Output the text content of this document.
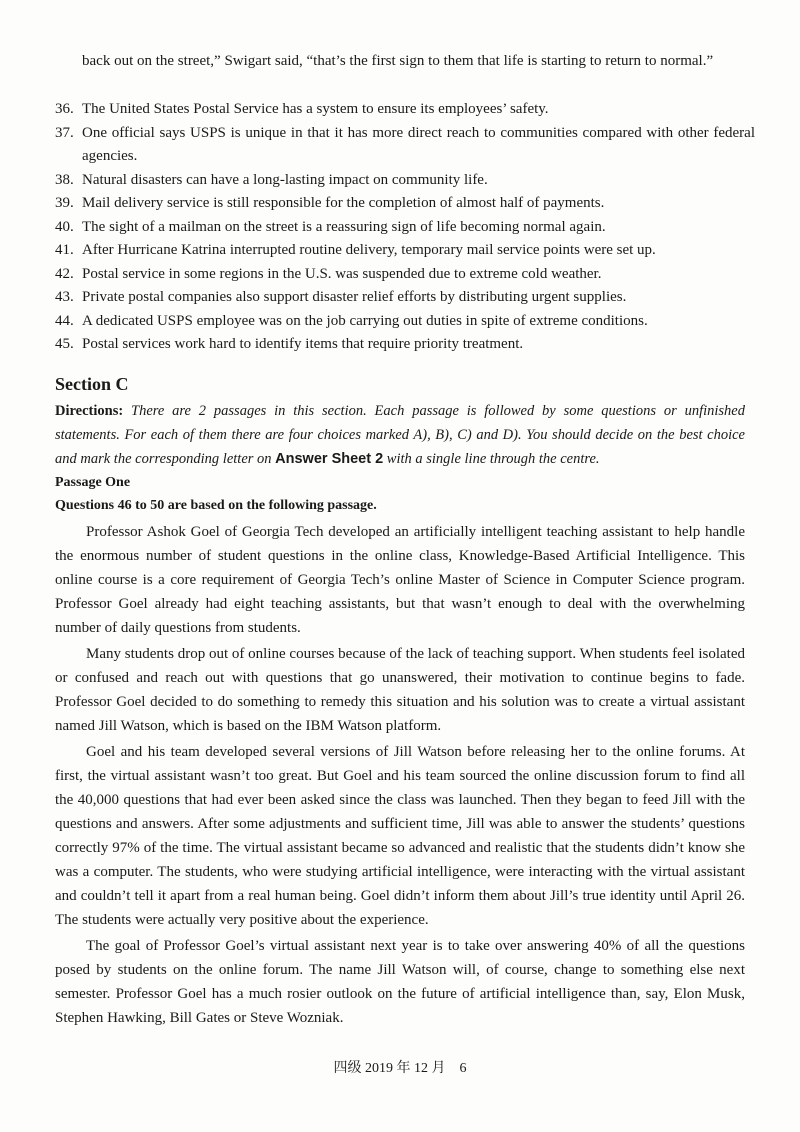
back out on the street,” Swigart said, “that’s the first sign to them that life is starting to return to normal.”

36. The United States Postal Service has a system to ensure its employees’ safety.
37. One official says USPS is unique in that it has more direct reach to communities compared with other federal agencies.
38. Natural disasters can have a long-lasting impact on community life.
39. Mail delivery service is still responsible for the completion of almost half of payments.
40. The sight of a mailman on the street is a reassuring sign of life becoming normal again.
41. After Hurricane Katrina interrupted routine delivery, temporary mail service points were set up.
42. Postal service in some regions in the U.S. was suspended due to extreme cold weather.
43. Private postal companies also support disaster relief efforts by distributing urgent supplies.
44. A dedicated USPS employee was on the job carrying out duties in spite of extreme conditions.
45. Postal services work hard to identify items that require priority treatment.
Section C
Directions: There are 2 passages in this section. Each passage is followed by some questions or unfinished statements. For each of them there are four choices marked A), B), C) and D). You should decide on the best choice and mark the corresponding letter on Answer Sheet 2 with a single line through the centre.
Passage One
Questions 46 to 50 are based on the following passage.

Professor Ashok Goel of Georgia Tech developed an artificially intelligent teaching assistant to help handle the enormous number of student questions in the online class, Knowledge-Based Artificial Intelligence. This online course is a core requirement of Georgia Tech’s online Master of Science in Computer Science program. Professor Goel already had eight teaching assistants, but that wasn’t enough to deal with the overwhelming number of daily questions from students.

Many students drop out of online courses because of the lack of teaching support. When students feel isolated or confused and reach out with questions that go unanswered, their motivation to continue begins to fade. Professor Goel decided to do something to remedy this situation and his solution was to create a virtual assistant named Jill Watson, which is based on the IBM Watson platform.

Goel and his team developed several versions of Jill Watson before releasing her to the online forums. At first, the virtual assistant wasn’t too great. But Goel and his team sourced the online discussion forum to find all the 40,000 questions that had ever been asked since the class was launched. Then they began to feed Jill with the questions and answers. After some adjustments and sufficient time, Jill was able to answer the students’ questions correctly 97% of the time. The virtual assistant became so advanced and realistic that the students didn’t know she was a computer. The students, who were studying artificial intelligence, were interacting with the virtual assistant and couldn’t tell it apart from a real human being. Goel didn’t inform them about Jill’s true identity until April 26. The students were actually very positive about the experience.

The goal of Professor Goel’s virtual assistant next year is to take over answering 40% of all the questions posed by students on the online forum. The name Jill Watson will, of course, change to something else next semester. Professor Goel has a much rosier outlook on the future of artificial intelligence than, say, Elon Musk, Stephen Hawking, Bill Gates or Steve Wozniak.

四级 2019 年 12 月　6
